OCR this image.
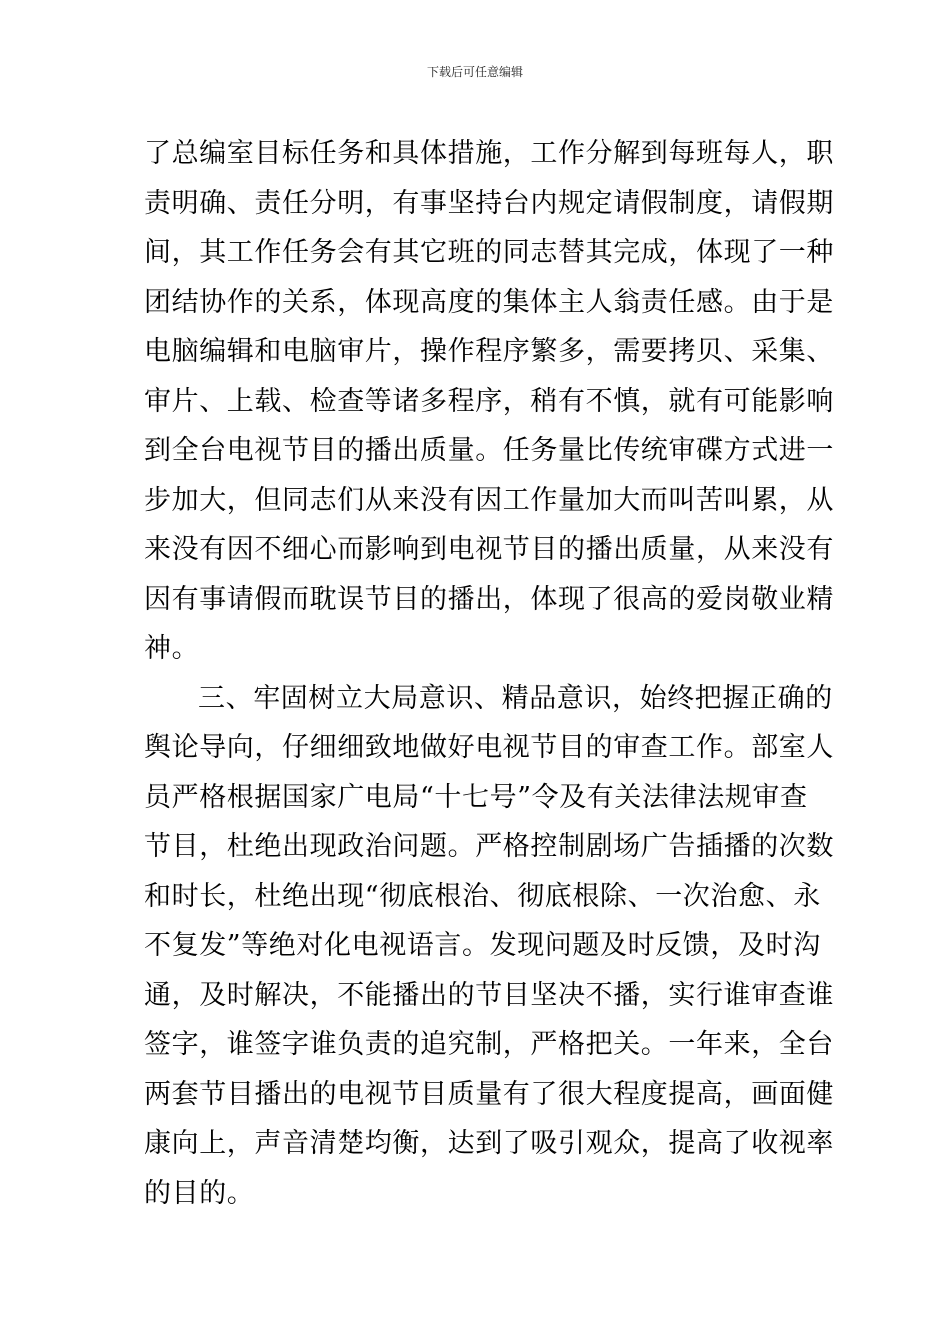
下载后可任意编辑
了总编室目标任务和具体措施，工作分解到每班每人，职
责明确、责任分明，有事坚持台内规定请假制度，请假期
间，其工作任务会有其它班的同志替其完成，体现了一种
团结协作的关系，体现高度的集体主人翁责任感。由于是
电脑编辑和电脑审片，操作程序繁多，需要拷贝、采集、
审片、上载、检查等诸多程序，稍有不慎，就有可能影响
到全台电视节目的播出质量。任务量比传统审碟方式进一
步加大，但同志们从来没有因工作量加大而叫苦叫累，从
来没有因不细心而影响到电视节目的播出质量，从来没有
因有事请假而耽误节目的播出，体现了很高的爱岗敬业精
神。
三、牢固树立大局意识、精品意识，始终把握正确的
舆论导向，仔细细致地做好电视节目的审查工作。部室人
员严格根据国家广电局“十七号”令及有关法律法规审查
节目，杜绝出现政治问题。严格控制剧场广告插播的次数
和时长，杜绝出现“彻底根治、彻底根除、一次治愈、永
不复发”等绝对化电视语言。发现问题及时反馈，及时沟
通，及时解决，不能播出的节目坚决不播，实行谁审查谁
签字，谁签字谁负责的追究制，严格把关。一年来，全台
两套节目播出的电视节目质量有了很大程度提高，画面健
康向上，声音清楚均衡，达到了吸引观众，提高了收视率
的目的。
